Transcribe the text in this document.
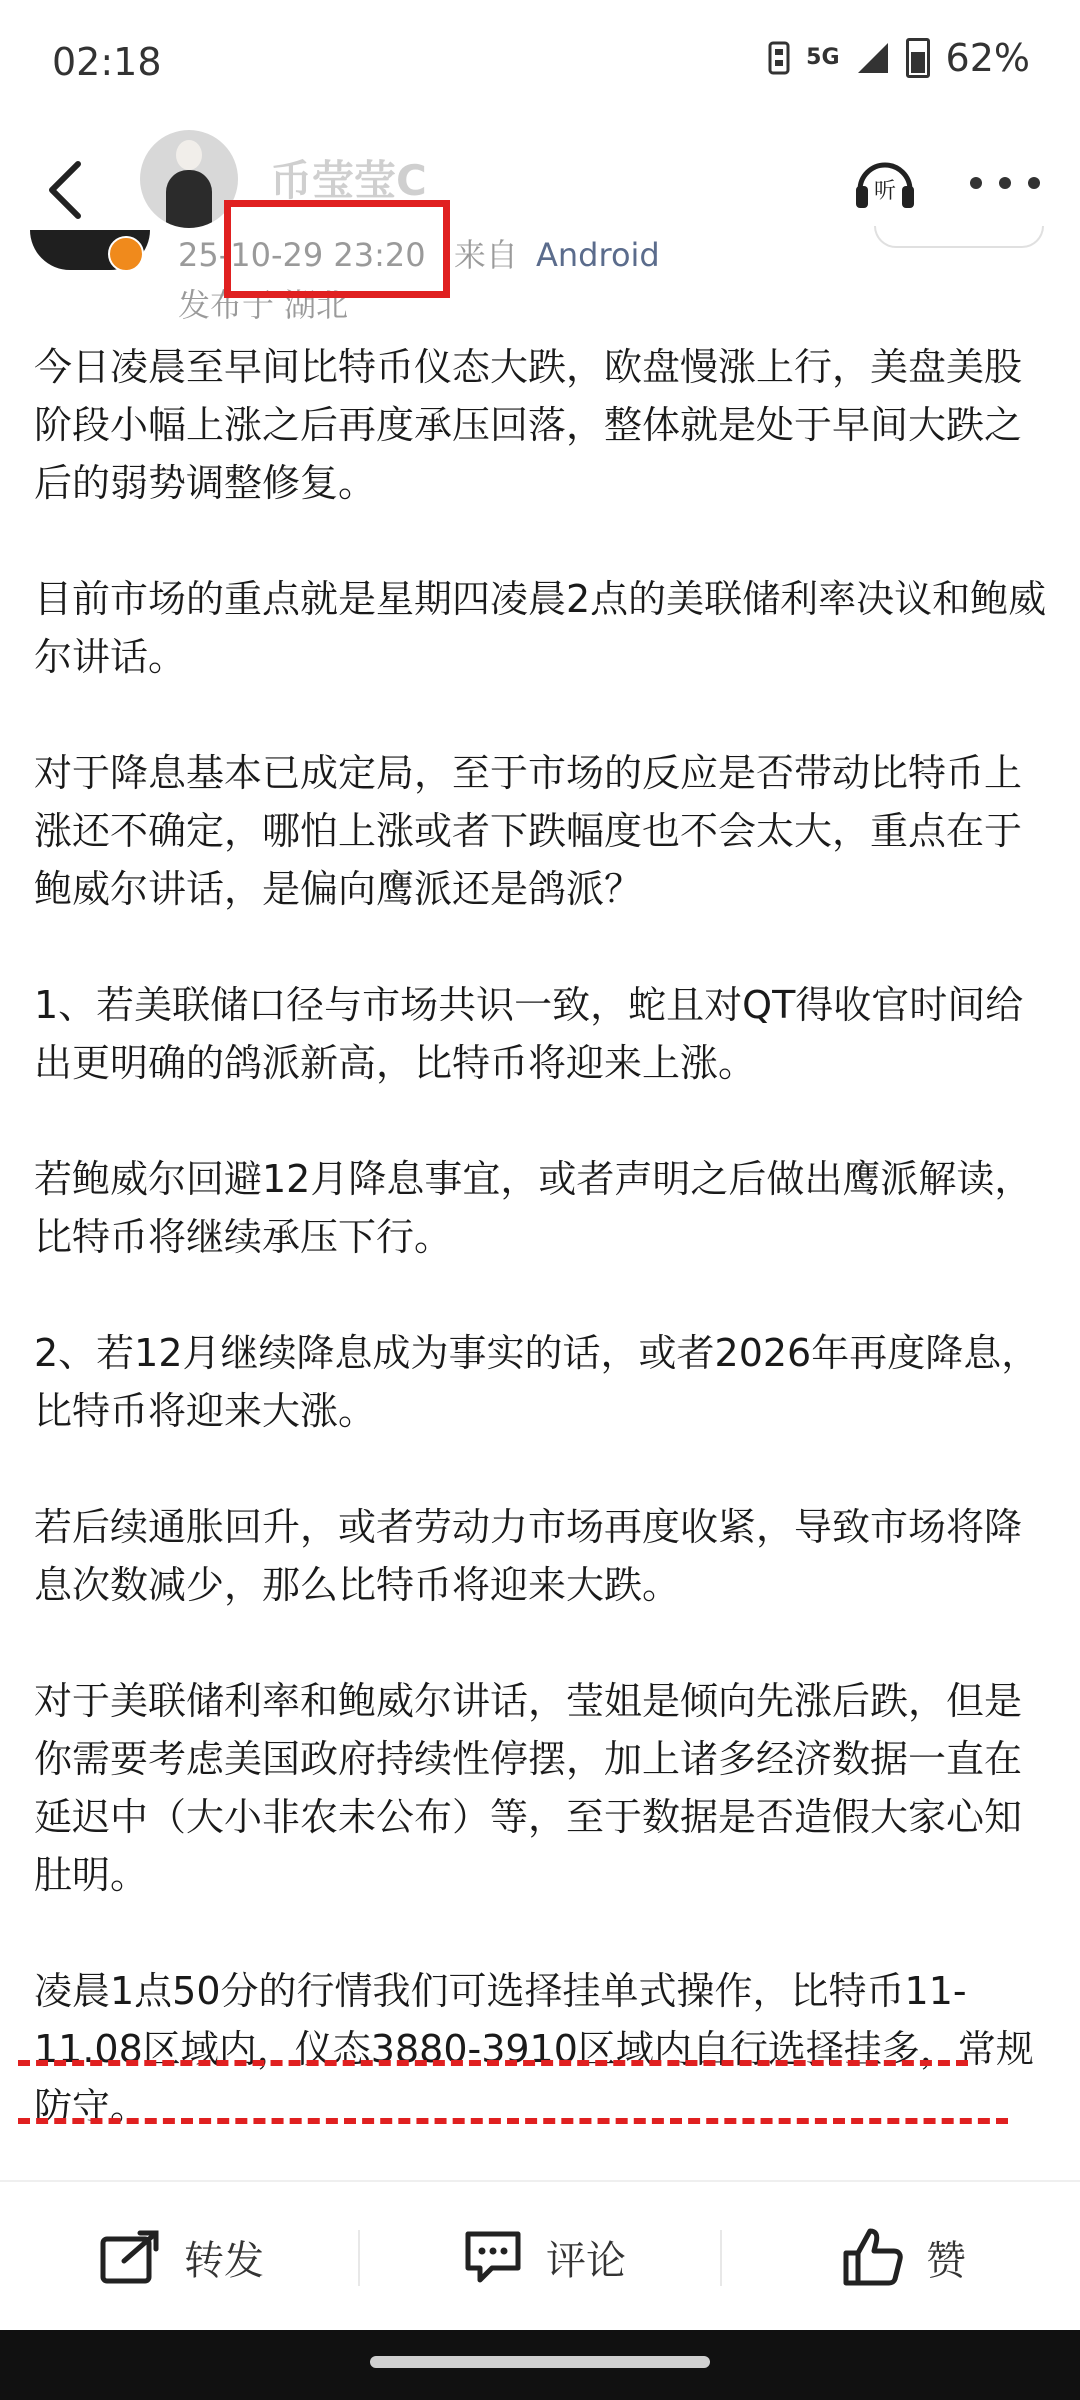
02:18	5G	62%
币莹莹C	听
25-10-29 23:20 来自 Android
发布于 湖北

今日凌晨至早间比特币仪态大跌，欧盘慢涨上行，美盘美股阶段小幅上涨之后再度承压回落，整体就是处于早间大跌之后的弱势调整修复。

目前市场的重点就是星期四凌晨2点的美联储利率决议和鲍威尔讲话。

对于降息基本已成定局，至于市场的反应是否带动比特币上涨还不确定，哪怕上涨或者下跌幅度也不会太大，重点在于鲍威尔讲话，是偏向鹰派还是鸽派？

1、若美联储口径与市场共识一致，蛇且对QT得收官时间给出更明确的鸽派新高，比特币将迎来上涨。

若鲍威尔回避12月降息事宜，或者声明之后做出鹰派解读，比特币将继续承压下行。

2、若12月继续降息成为事实的话，或者2026年再度降息，比特币将迎来大涨。

若后续通胀回升，或者劳动力市场再度收紧，导致市场将降息次数减少，那么比特币将迎来大跌。

对于美联储利率和鲍威尔讲话，莹姐是倾向先涨后跌，但是你需要考虑美国政府持续性停摆，加上诸多经济数据一直在延迟中（大小非农未公布）等，至于数据是否造假大家心知肚明。

凌晨1点50分的行情我们可选择挂单式操作，比特币11-11.08区域内，仪态3880-3910区域内自行选择挂多，常规防守。

转发	评论	赞
